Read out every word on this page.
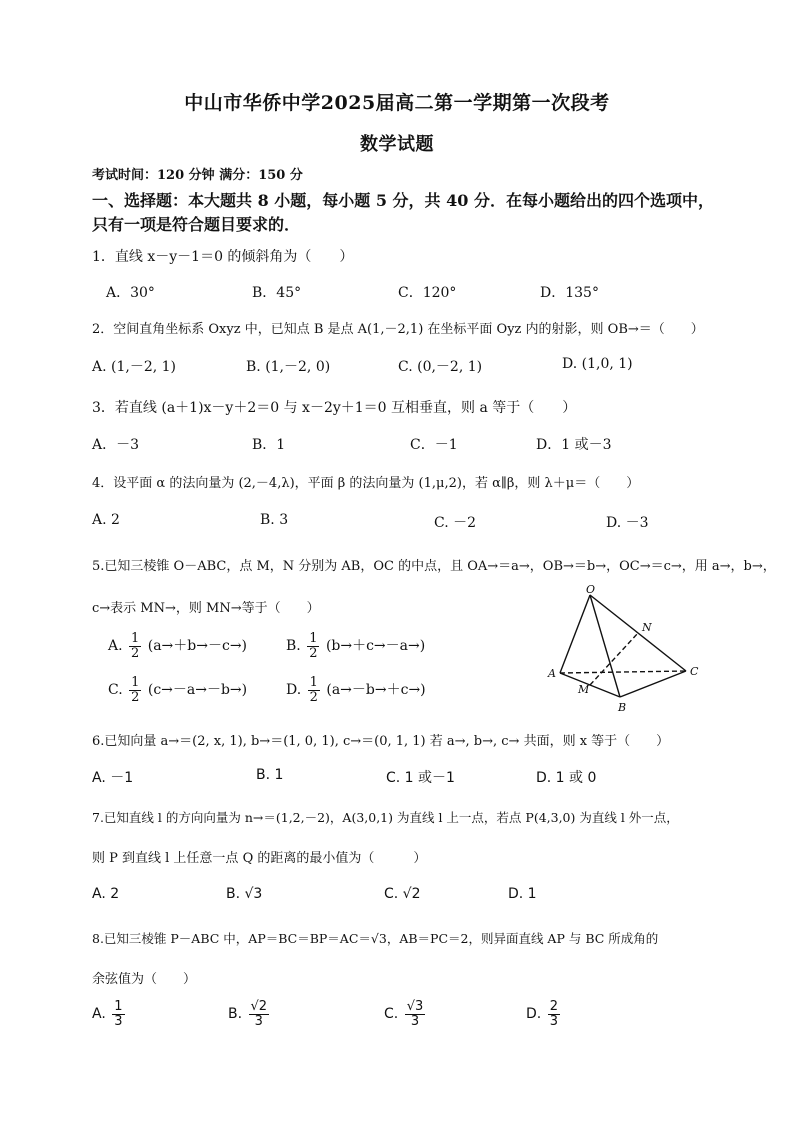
中山市华侨中学2025届高二第一学期第一次段考
数学试题
考试时间：120 分钟 满分：150 分
一、选择题：本大题共 8 小题，每小题 5 分，共 40 分．在每小题给出的四个选项中，
只有一项是符合题目要求的．
1．直线 x－y－1＝0 的倾斜角为（　　）
A．30°	B．45°	C．120°	D．135°
2．空间直角坐标系 Oxyz 中，已知点 B 是点 A(1,－2,1) 在坐标平面 Oyz 内的射影，则 OB→＝（　　）
A. (1,－2, 1)	B. (1,－2, 0)	C. (0,－2, 1)	D. (1,0, 1)
3．若直线 (a＋1)x－y＋2＝0 与 x－2y＋1＝0 互相垂直，则 a 等于（　　）
A．－3	B．1	C．－1	D．1 或－3
4．设平面 α 的法向量为 (2,－4,λ)，平面 β 的法向量为 (1,μ,2)，若 α∥β，则 λ＋μ＝（　　）
A. 2	B. 3	C. －2	D. －3
5.已知三棱锥 O－ABC，点 M，N 分别为 AB，OC 的中点，且 OA→＝a→，OB→＝b→，OC→＝c→，用 a→，b→，
c→表示 MN→，则 MN→等于（　　）
A. $\frac{1}{2} (a\to+b\to-c\to)$	B. $\frac{1}{2} (b\to+c\to-a\to)$
C. $\frac{1}{2} (c\to-a\to-b\to)$	D. $\frac{1}{2} (a\to-b\to+c\to)$
O
N
A	C
M
B
6.已知向量 a→＝(2, x, 1), b→＝(1, 0, 1), c→＝(0, 1, 1) 若 a→, b→, c→ 共面，则 x 等于（　　）
A. －1	B. 1	C. 1 或－1	D. 1 或 0
7.已知直线 l 的方向向量为 n→＝(1,2,－2)，A(3,0,1) 为直线 l 上一点，若点 P(4,3,0) 为直线 l 外一点，
则 P 到直线 l 上任意一点 Q 的距离的最小值为（　　　）
A. 2	B. √3	C. √2	D. 1
8.已知三棱锥 P－ABC 中，AP＝BC＝BP＝AC＝√3，AB＝PC＝2，则异面直线 AP 与 BC 所成角的
余弦值为（　　）
A. $\frac{1}{3}$	B. $\frac{√2}{3}$	C. $\frac{√3}{3}$	D. $\frac{2}{3}$
